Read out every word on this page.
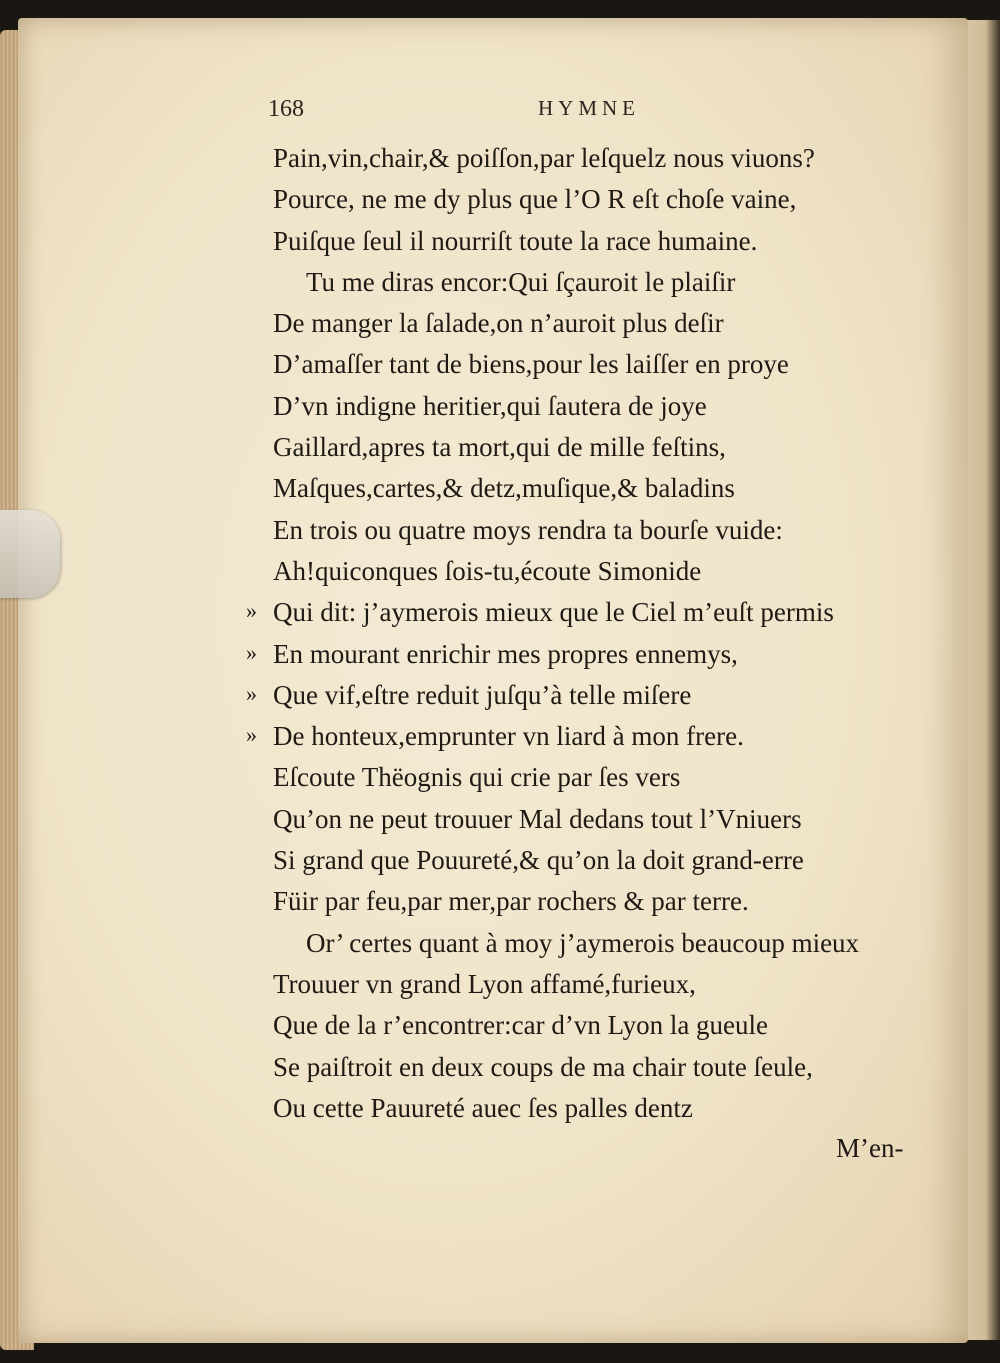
168	HYMNE
Pain,vin,chair,& poiſſon,par leſquelz nous viuons?
Pource, ne me dy plus que l’O R eſt choſe vaine,
Puiſque ſeul il nourriſt toute la race humaine.
Tu me diras encor:Qui ſçauroit le plaiſir
De manger la ſalade,on n’auroit plus deſir
D’amaſſer tant de biens,pour les laiſſer en proye
D’vn indigne heritier,qui ſautera de joye
Gaillard,apres ta mort,qui de mille feſtins,
Maſques,cartes,& detz,muſique,& baladins
En trois ou quatre moys rendra ta bourſe vuide:
Ah!quiconques ſois-tu,écoute Simonide
» Qui dit: j’aymerois mieux que le Ciel m’euſt permis
» En mourant enrichir mes propres ennemys,
» Que vif,eſtre reduit juſqu’à telle miſere
» De honteux,emprunter vn liard à mon frere.
Eſcoute Thëognis qui crie par ſes vers
Qu’on ne peut trouuer Mal dedans tout l’Vniuers
Si grand que Pouureté,& qu’on la doit grand-erre
Füir par feu,par mer,par rochers & par terre.
Or’ certes quant à moy j’aymerois beaucoup mieux
Trouuer vn grand Lyon affamé,furieux,
Que de la r’encontrer:car d’vn Lyon la gueule
Se paiſtroit en deux coups de ma chair toute ſeule,
Ou cette Pauureté auec ſes palles dentz
M’en-
